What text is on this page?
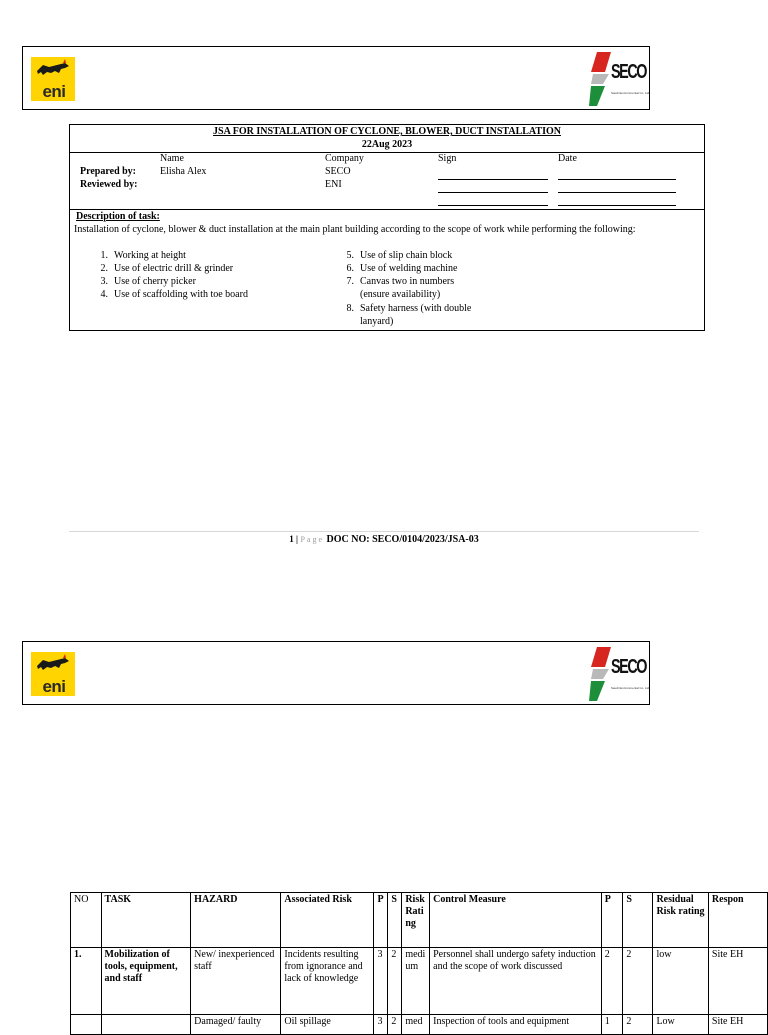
eni
SECO
Saudi Environmental Co. Ltd
JSA FOR INSTALLATION OF CYCLONE, BLOWER, DUCT INSTALLATION
22Aug 2023
Name	Company	Sign	Date
Prepared by: Elisha Alex	SECO
Reviewed by:	ENI
Description of task:
Installation of cyclone, blower & duct installation at the main plant building according to the scope of work while performing the following:
1. Working at height
2. Use of electric drill & grinder
3. Use of cherry picker
4. Use of scaffolding with toe board
5. Use of slip chain block
6. Use of welding machine
7. Canvas two in numbers
(ensure availability)
8. Safety harness (with double
lanyard)
1 | Page DOC NO: SECO/0104/2023/JSA-03
eni
SECO
Saudi Environmental Co. Ltd
NO	TASK	HAZARD	Associated Risk	P	S	Risk Rating	Control Measure	P	S	Residual Risk rating	Respon
1.	Mobilization of tools, equipment, and staff	New/ inexperienced staff	Incidents resulting from ignorance and lack of knowledge	3	2	medium	Personnel shall undergo safety induction and the scope of work discussed	2	2	low	Site EH
		Damaged/ faulty	Oil spillage	3	2	med	Inspection of tools and equipment	1	2	Low	Site EH
